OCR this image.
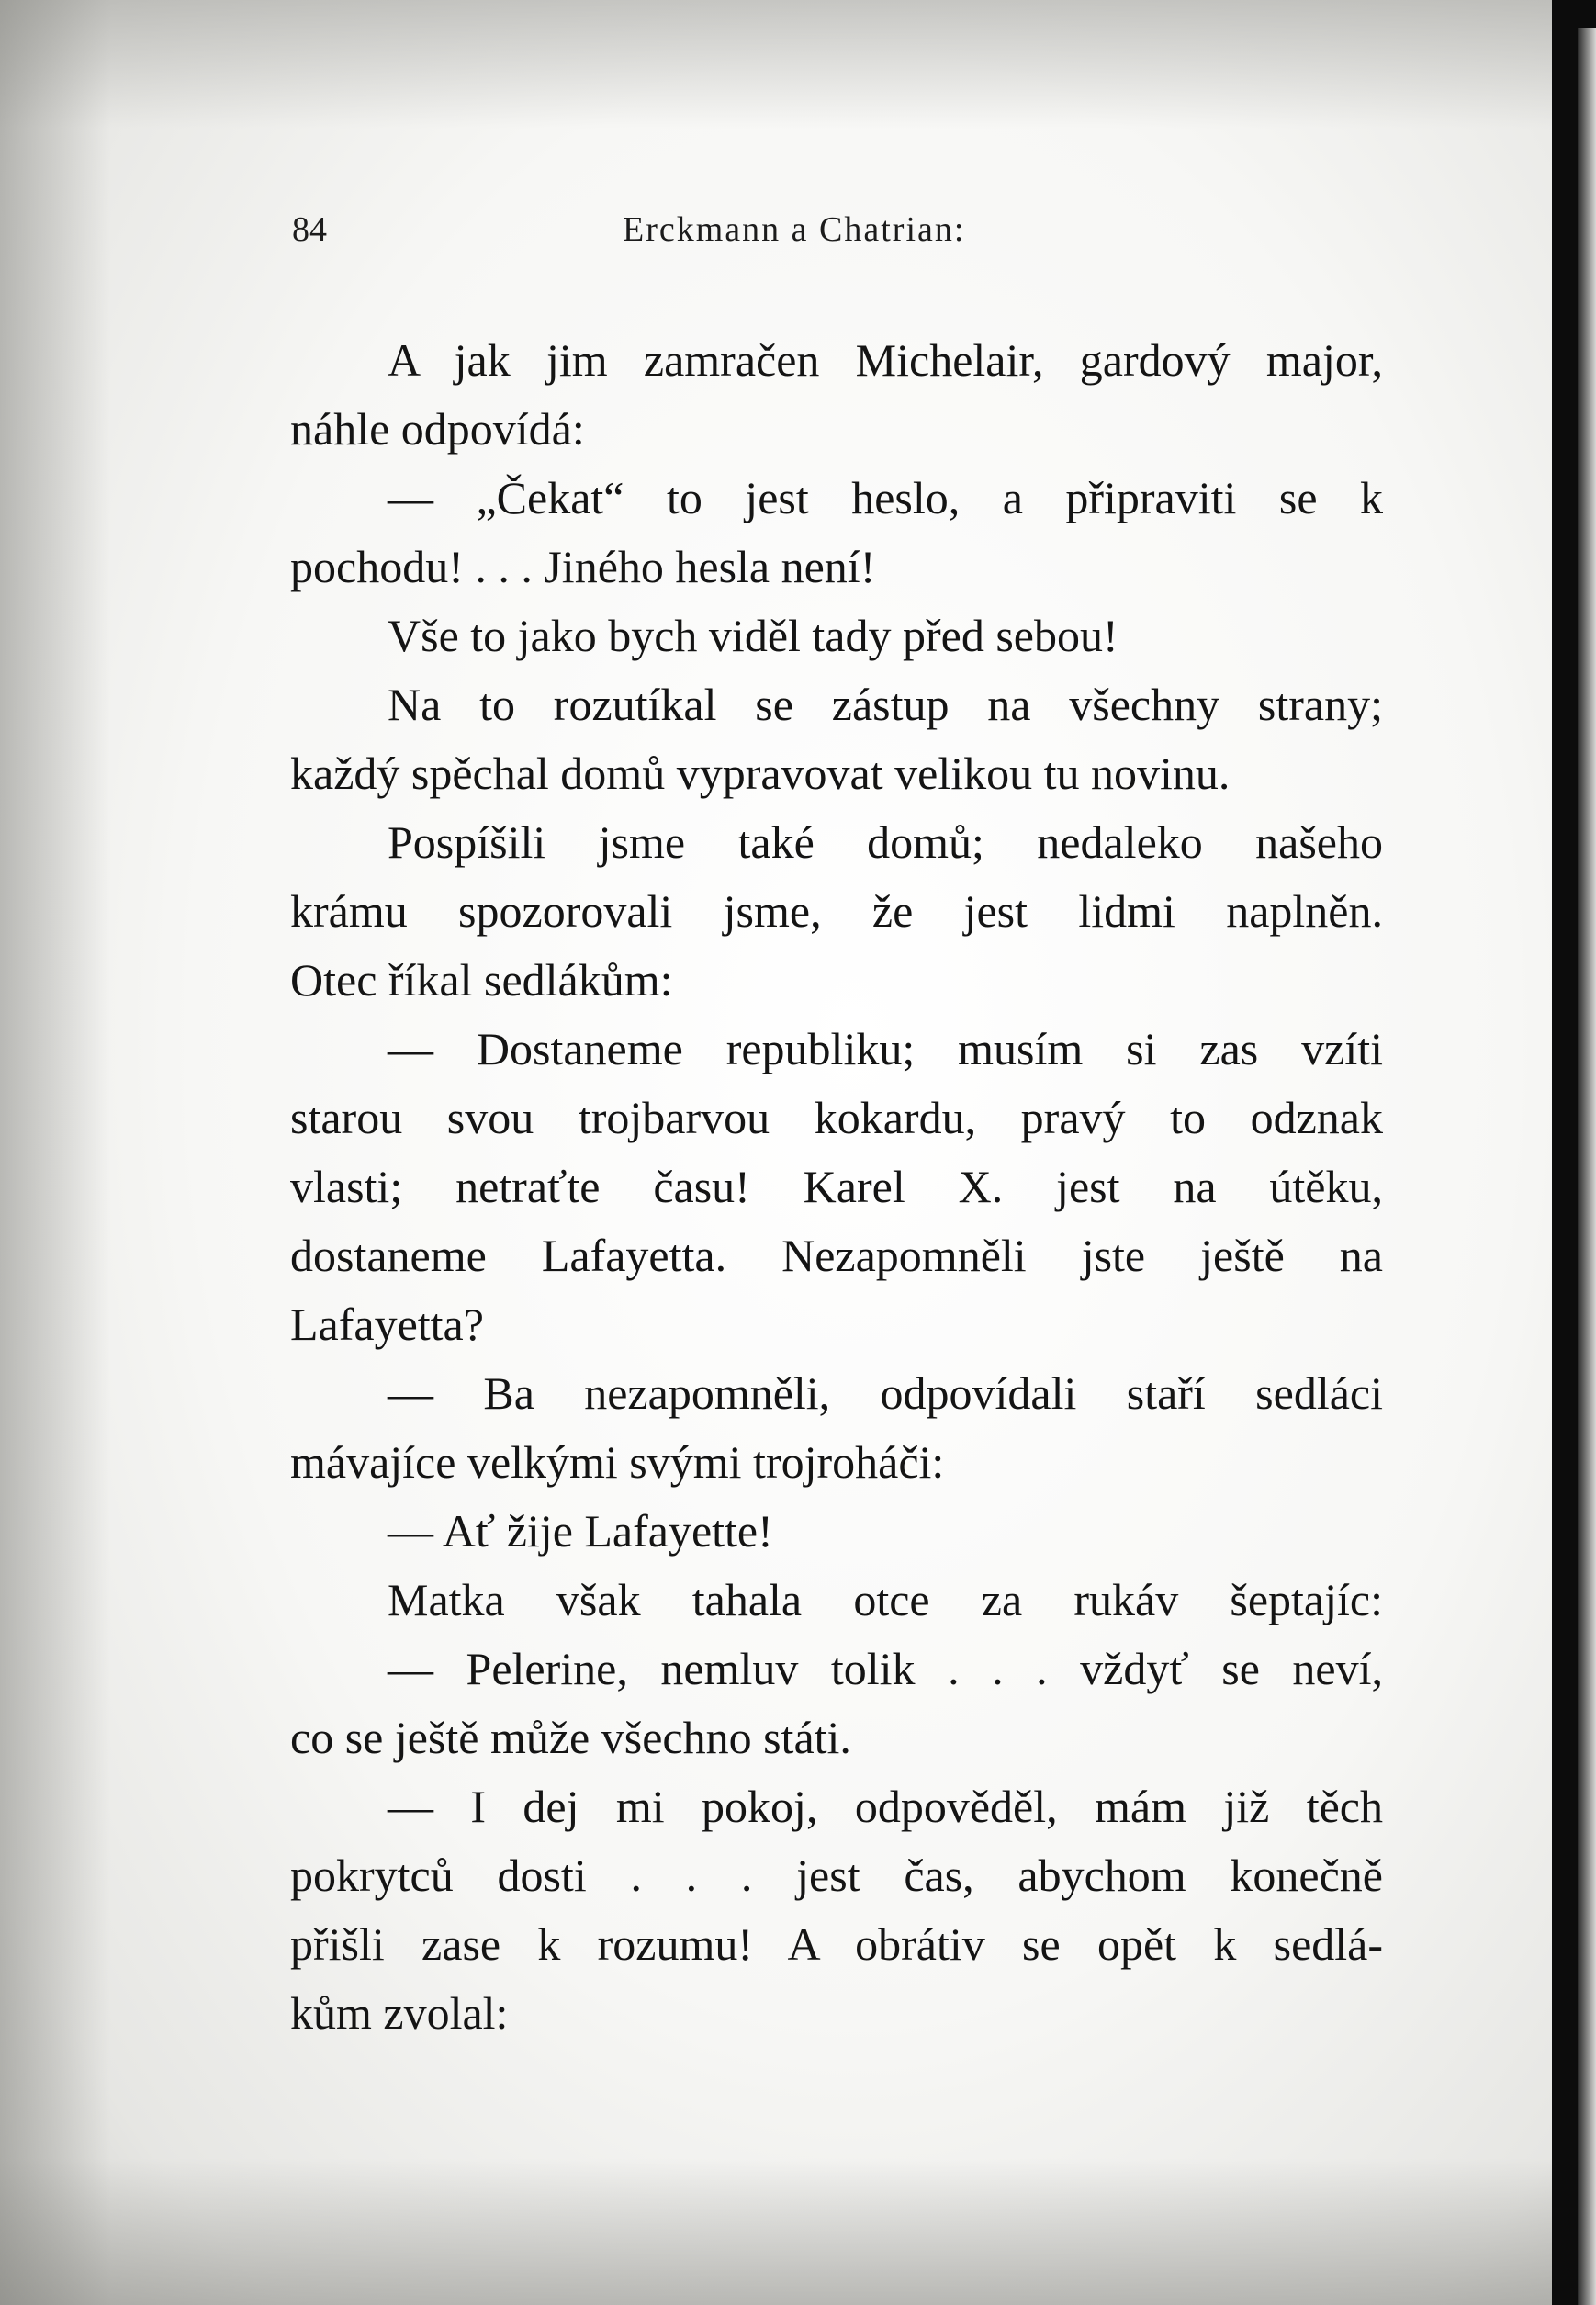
84	Erckmann a Chatrian:
A jak jim zamračen Michelair, gardový major,
náhle odpovídá:
— „Čekat“ to jest heslo, a připraviti se k
pochodu! . . . Jiného hesla není!
Vše to jako bych viděl tady před sebou!
Na to rozutíkal se zástup na všechny strany;
každý spěchal domů vypravovat velikou tu novinu.
Pospíšili jsme také domů; nedaleko našeho
krámu spozorovali jsme, že jest lidmi naplněn.
Otec říkal sedlákům:
— Dostaneme republiku; musím si zas vzíti
starou svou trojbarvou kokardu, pravý to odznak
vlasti; netraťte času! Karel X. jest na útěku,
dostaneme Lafayetta. Nezapomněli jste ještě na
Lafayetta?
— Ba nezapomněli, odpovídali staří sedláci
mávajíce velkými svými trojroháči:
— Ať žije Lafayette!
Matka však tahala otce za rukáv šeptajíc:
— Pelerine, nemluv tolik . . . vždyť se neví,
co se ještě může všechno státi.
— I dej mi pokoj, odpověděl, mám již těch
pokrytců dosti . . . jest čas, abychom konečně
přišli zase k rozumu! A obrátiv se opět k sedlá-
kům zvolal:
